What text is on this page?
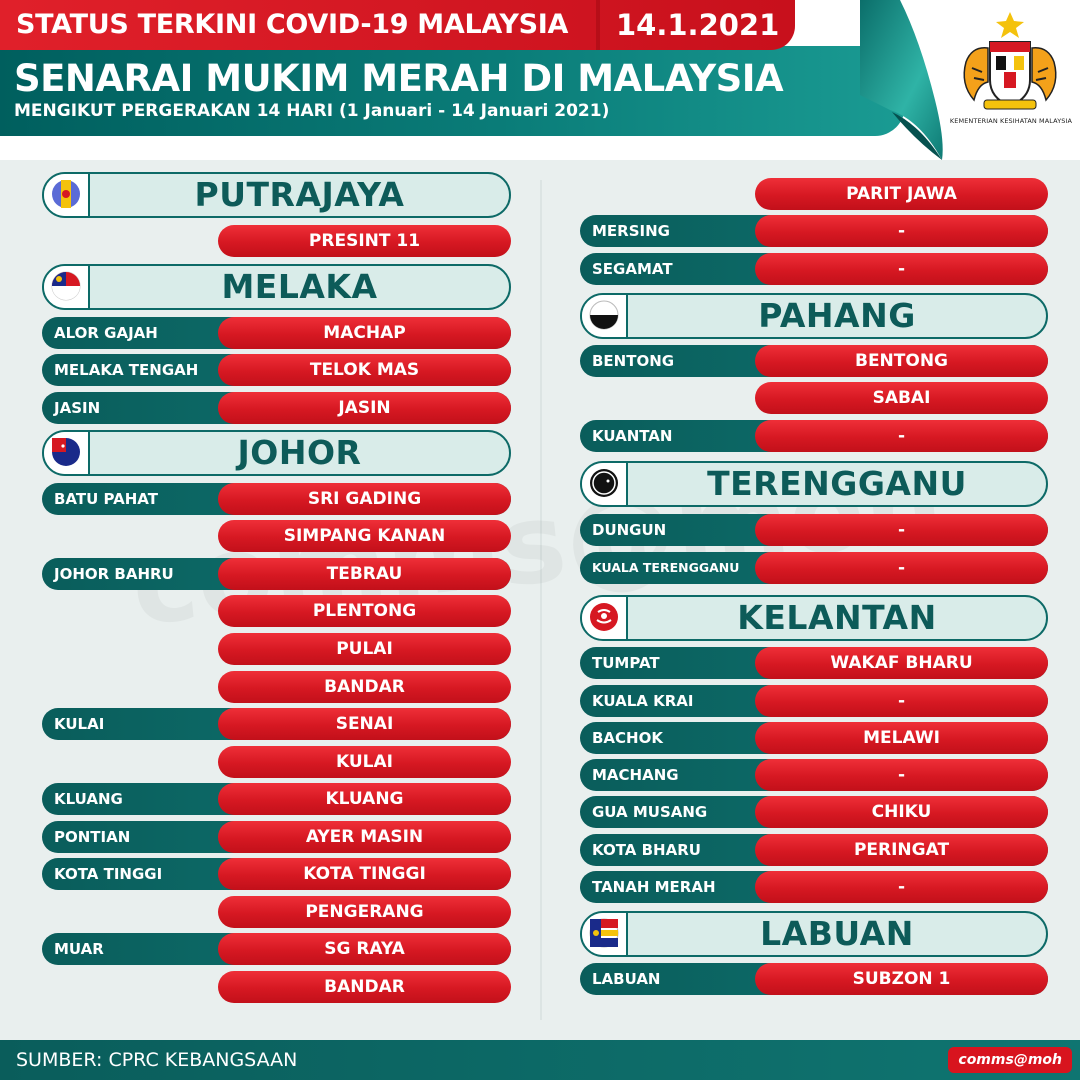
STATUS TERKINI COVID-19 MALAYSIA 14.1.2021
SENARAI MUKIM MERAH DI MALAYSIA
MENGIKUT PERGERAKAN 14 HARI (1 Januari - 14 Januari 2021)	KEMENTERIAN KESIHATAN MALAYSIA
PUTRAJAYA
PRESINT 11
MELAKA
ALOR GAJAH	MACHAP
MELAKA TENGAH	TELOK MAS
JASIN	JASIN
JOHOR
BATU PAHAT	SRI GADING
SIMPANG KANAN
JOHOR BAHRU	TEBRAU
PLENTONG
PULAI
BANDAR
KULAI	SENAI
KULAI
KLUANG	KLUANG
PONTIAN	AYER MASIN
KOTA TINGGI	KOTA TINGGI
PENGERANG
MUAR	SG RAYA
BANDAR
PARIT JAWA
MERSING	-
SEGAMAT	-
PAHANG
BENTONG	BENTONG
SABAI
KUANTAN	-
TERENGGANU
DUNGUN	-
KUALA TERENGGANU	-
KELANTAN
TUMPAT	WAKAF BHARU
KUALA KRAI	-
BACHOK	MELAWI
MACHANG	-
GUA MUSANG	CHIKU
KOTA BHARU	PERINGAT
TANAH MERAH	-
LABUAN
LABUAN	SUBZON 1
SUMBER: CPRC KEBANGSAAN	comms@moh
